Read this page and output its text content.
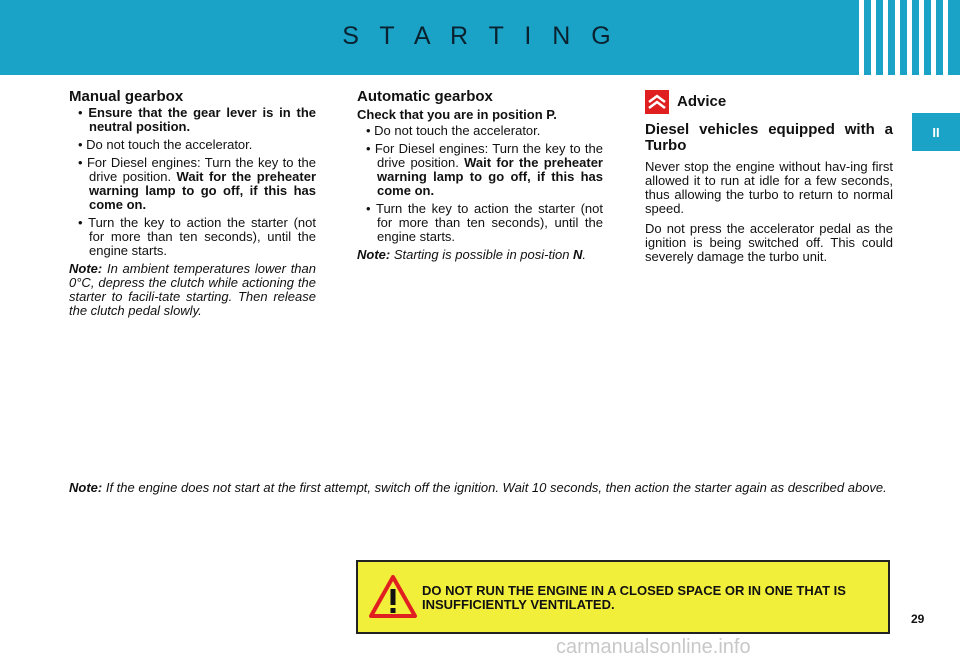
S T A R T I N G
II
Manual gearbox

• Ensure that the gear lever is in the neutral position.

• Do not touch the accelerator.

• For Diesel engines: Turn the key to the drive position. Wait for the preheater warning lamp to go off, if this has come on.

• Turn the key to action the starter (not for more than ten seconds), until the engine starts.

Note: In ambient temperatures lower than 0°C, depress the clutch while actioning the starter to facili-tate starting. Then release the clutch pedal slowly.

Automatic gearbox

Check that you are in position P.

• Do not touch the accelerator.

• For Diesel engines: Turn the key to the drive position. Wait for the preheater warning lamp to go off, if this has come on.

• Turn the key to action the starter (not for more than ten seconds), until the engine starts.

Note: Starting is possible in posi-tion N.

Advice

Diesel vehicles equipped with a Turbo

Never stop the engine without hav-ing first allowed it to run at idle for a few seconds, thus allowing the turbo to return to normal speed.

Do not press the accelerator pedal as the ignition is being switched off. This could severely damage the turbo unit.

Note: If the engine does not start at the first attempt, switch off the ignition. Wait 10 seconds, then action the starter again as described above.

DO NOT RUN THE ENGINE IN A CLOSED SPACE OR IN ONE THAT IS INSUFFICIENTLY VENTILATED.
29
carmanualsonline.info
